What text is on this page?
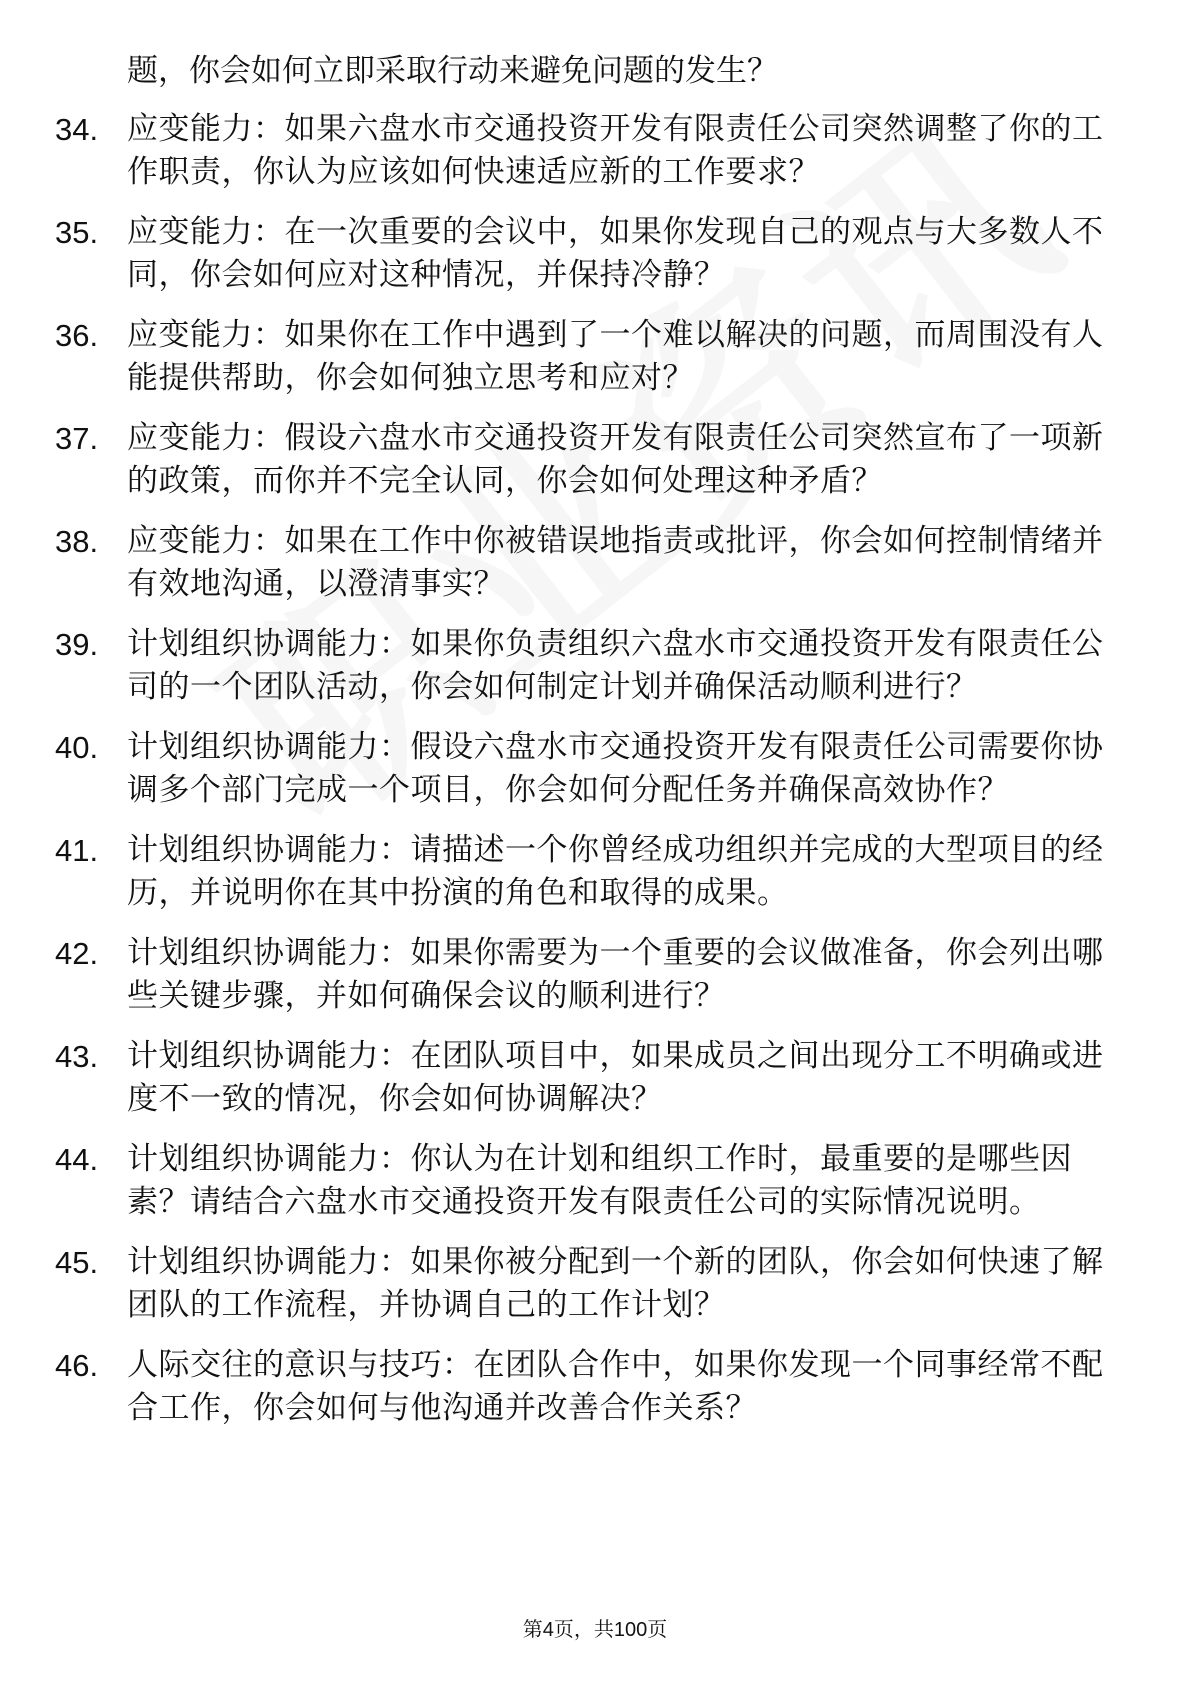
题，你会如何立即采取行动来避免问题的发生？
34. 应变能力：如果六盘水市交通投资开发有限责任公司突然调整了你的工作职责，你认为应该如何快速适应新的工作要求？
35. 应变能力：在一次重要的会议中，如果你发现自己的观点与大多数人不同，你会如何应对这种情况，并保持冷静？
36. 应变能力：如果你在工作中遇到了一个难以解决的问题，而周围没有人能提供帮助，你会如何独立思考和应对？
37. 应变能力：假设六盘水市交通投资开发有限责任公司突然宣布了一项新的政策，而你并不完全认同，你会如何处理这种矛盾？
38. 应变能力：如果在工作中你被错误地指责或批评，你会如何控制情绪并有效地沟通，以澄清事实？
39. 计划组织协调能力：如果你负责组织六盘水市交通投资开发有限责任公司的一个团队活动，你会如何制定计划并确保活动顺利进行？
40. 计划组织协调能力：假设六盘水市交通投资开发有限责任公司需要你协调多个部门完成一个项目，你会如何分配任务并确保高效协作？
41. 计划组织协调能力：请描述一个你曾经成功组织并完成的大型项目的经历，并说明你在其中扮演的角色和取得的成果。
42. 计划组织协调能力：如果你需要为一个重要的会议做准备，你会列出哪些关键步骤，并如何确保会议的顺利进行？
43. 计划组织协调能力：在团队项目中，如果成员之间出现分工不明确或进度不一致的情况，你会如何协调解决？
44. 计划组织协调能力：你认为在计划和组织工作时，最重要的是哪些因素？请结合六盘水市交通投资开发有限责任公司的实际情况说明。
45. 计划组织协调能力：如果你被分配到一个新的团队，你会如何快速了解团队的工作流程，并协调自己的工作计划？
46. 人际交往的意识与技巧：在团队合作中，如果你发现一个同事经常不配合工作，你会如何与他沟通并改善合作关系？
第4页，共100页
